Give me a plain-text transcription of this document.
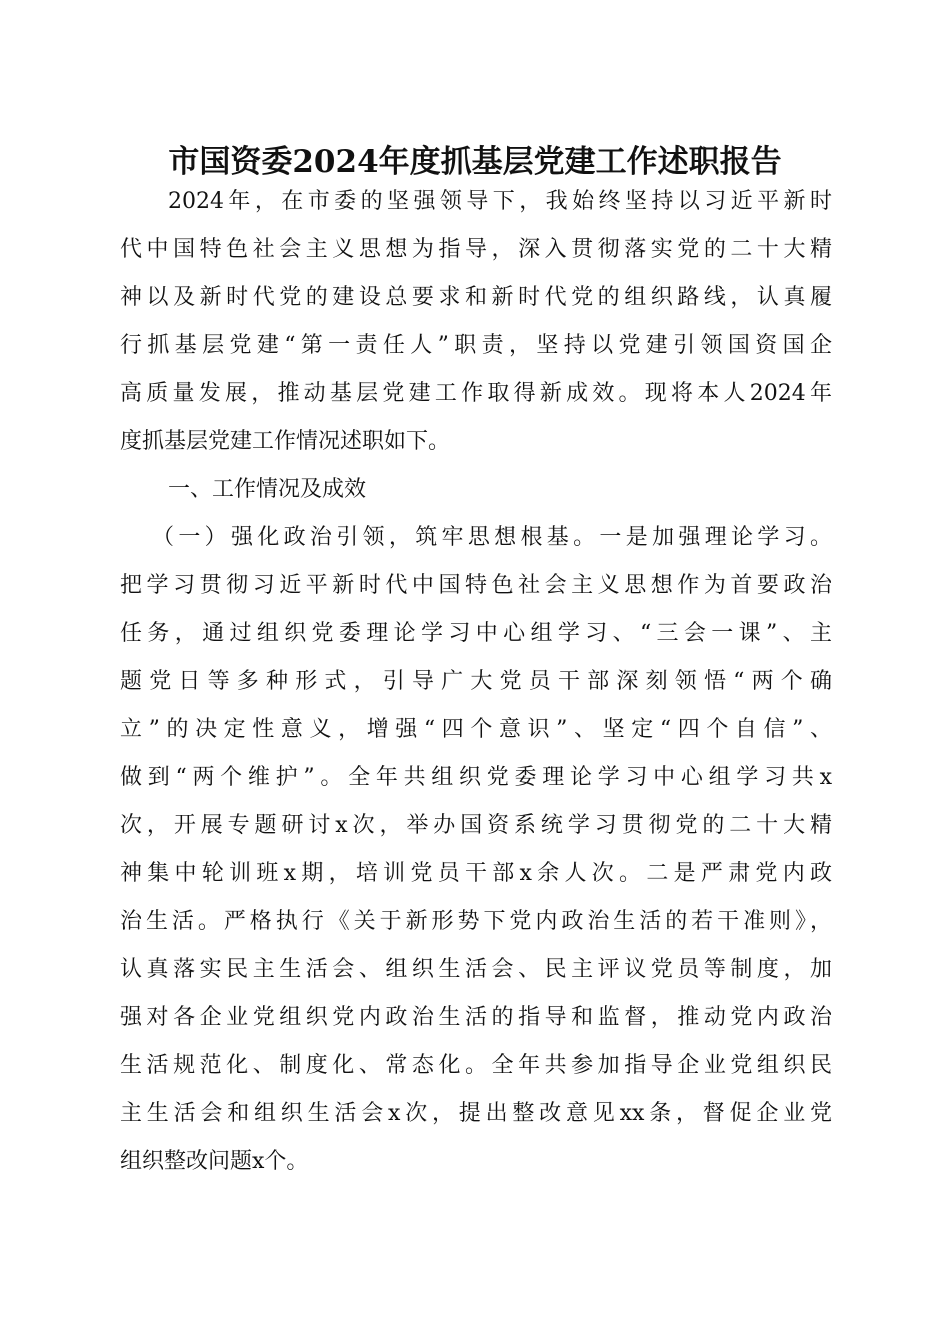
市国资委2024年度抓基层党建工作述职报告
2024年，在市委的坚强领导下，我始终坚持以习近平新时
代中国特色社会主义思想为指导，深入贯彻落实党的二十大精
神以及新时代党的建设总要求和新时代党的组织路线，认真履
行抓基层党建“第一责任人”职责，坚持以党建引领国资国企
高质量发展，推动基层党建工作取得新成效。现将本人2024年
度抓基层党建工作情况述职如下。
一、工作情况及成效
（一）强化政治引领，筑牢思想根基。一是加强理论学习。
把学习贯彻习近平新时代中国特色社会主义思想作为首要政治
任务，通过组织党委理论学习中心组学习、“三会一课”、主
题党日等多种形式，引导广大党员干部深刻领悟“两个确
立”的决定性意义，增强“四个意识”、坚定“四个自信”、
做到“两个维护”。全年共组织党委理论学习中心组学习共x
次，开展专题研讨x次，举办国资系统学习贯彻党的二十大精
神集中轮训班x期，培训党员干部x余人次。二是严肃党内政
治生活。严格执行《关于新形势下党内政治生活的若干准则》，
认真落实民主生活会、组织生活会、民主评议党员等制度，加
强对各企业党组织党内政治生活的指导和监督，推动党内政治
生活规范化、制度化、常态化。全年共参加指导企业党组织民
主生活会和组织生活会x次，提出整改意见xx条，督促企业党
组织整改问题x个。
